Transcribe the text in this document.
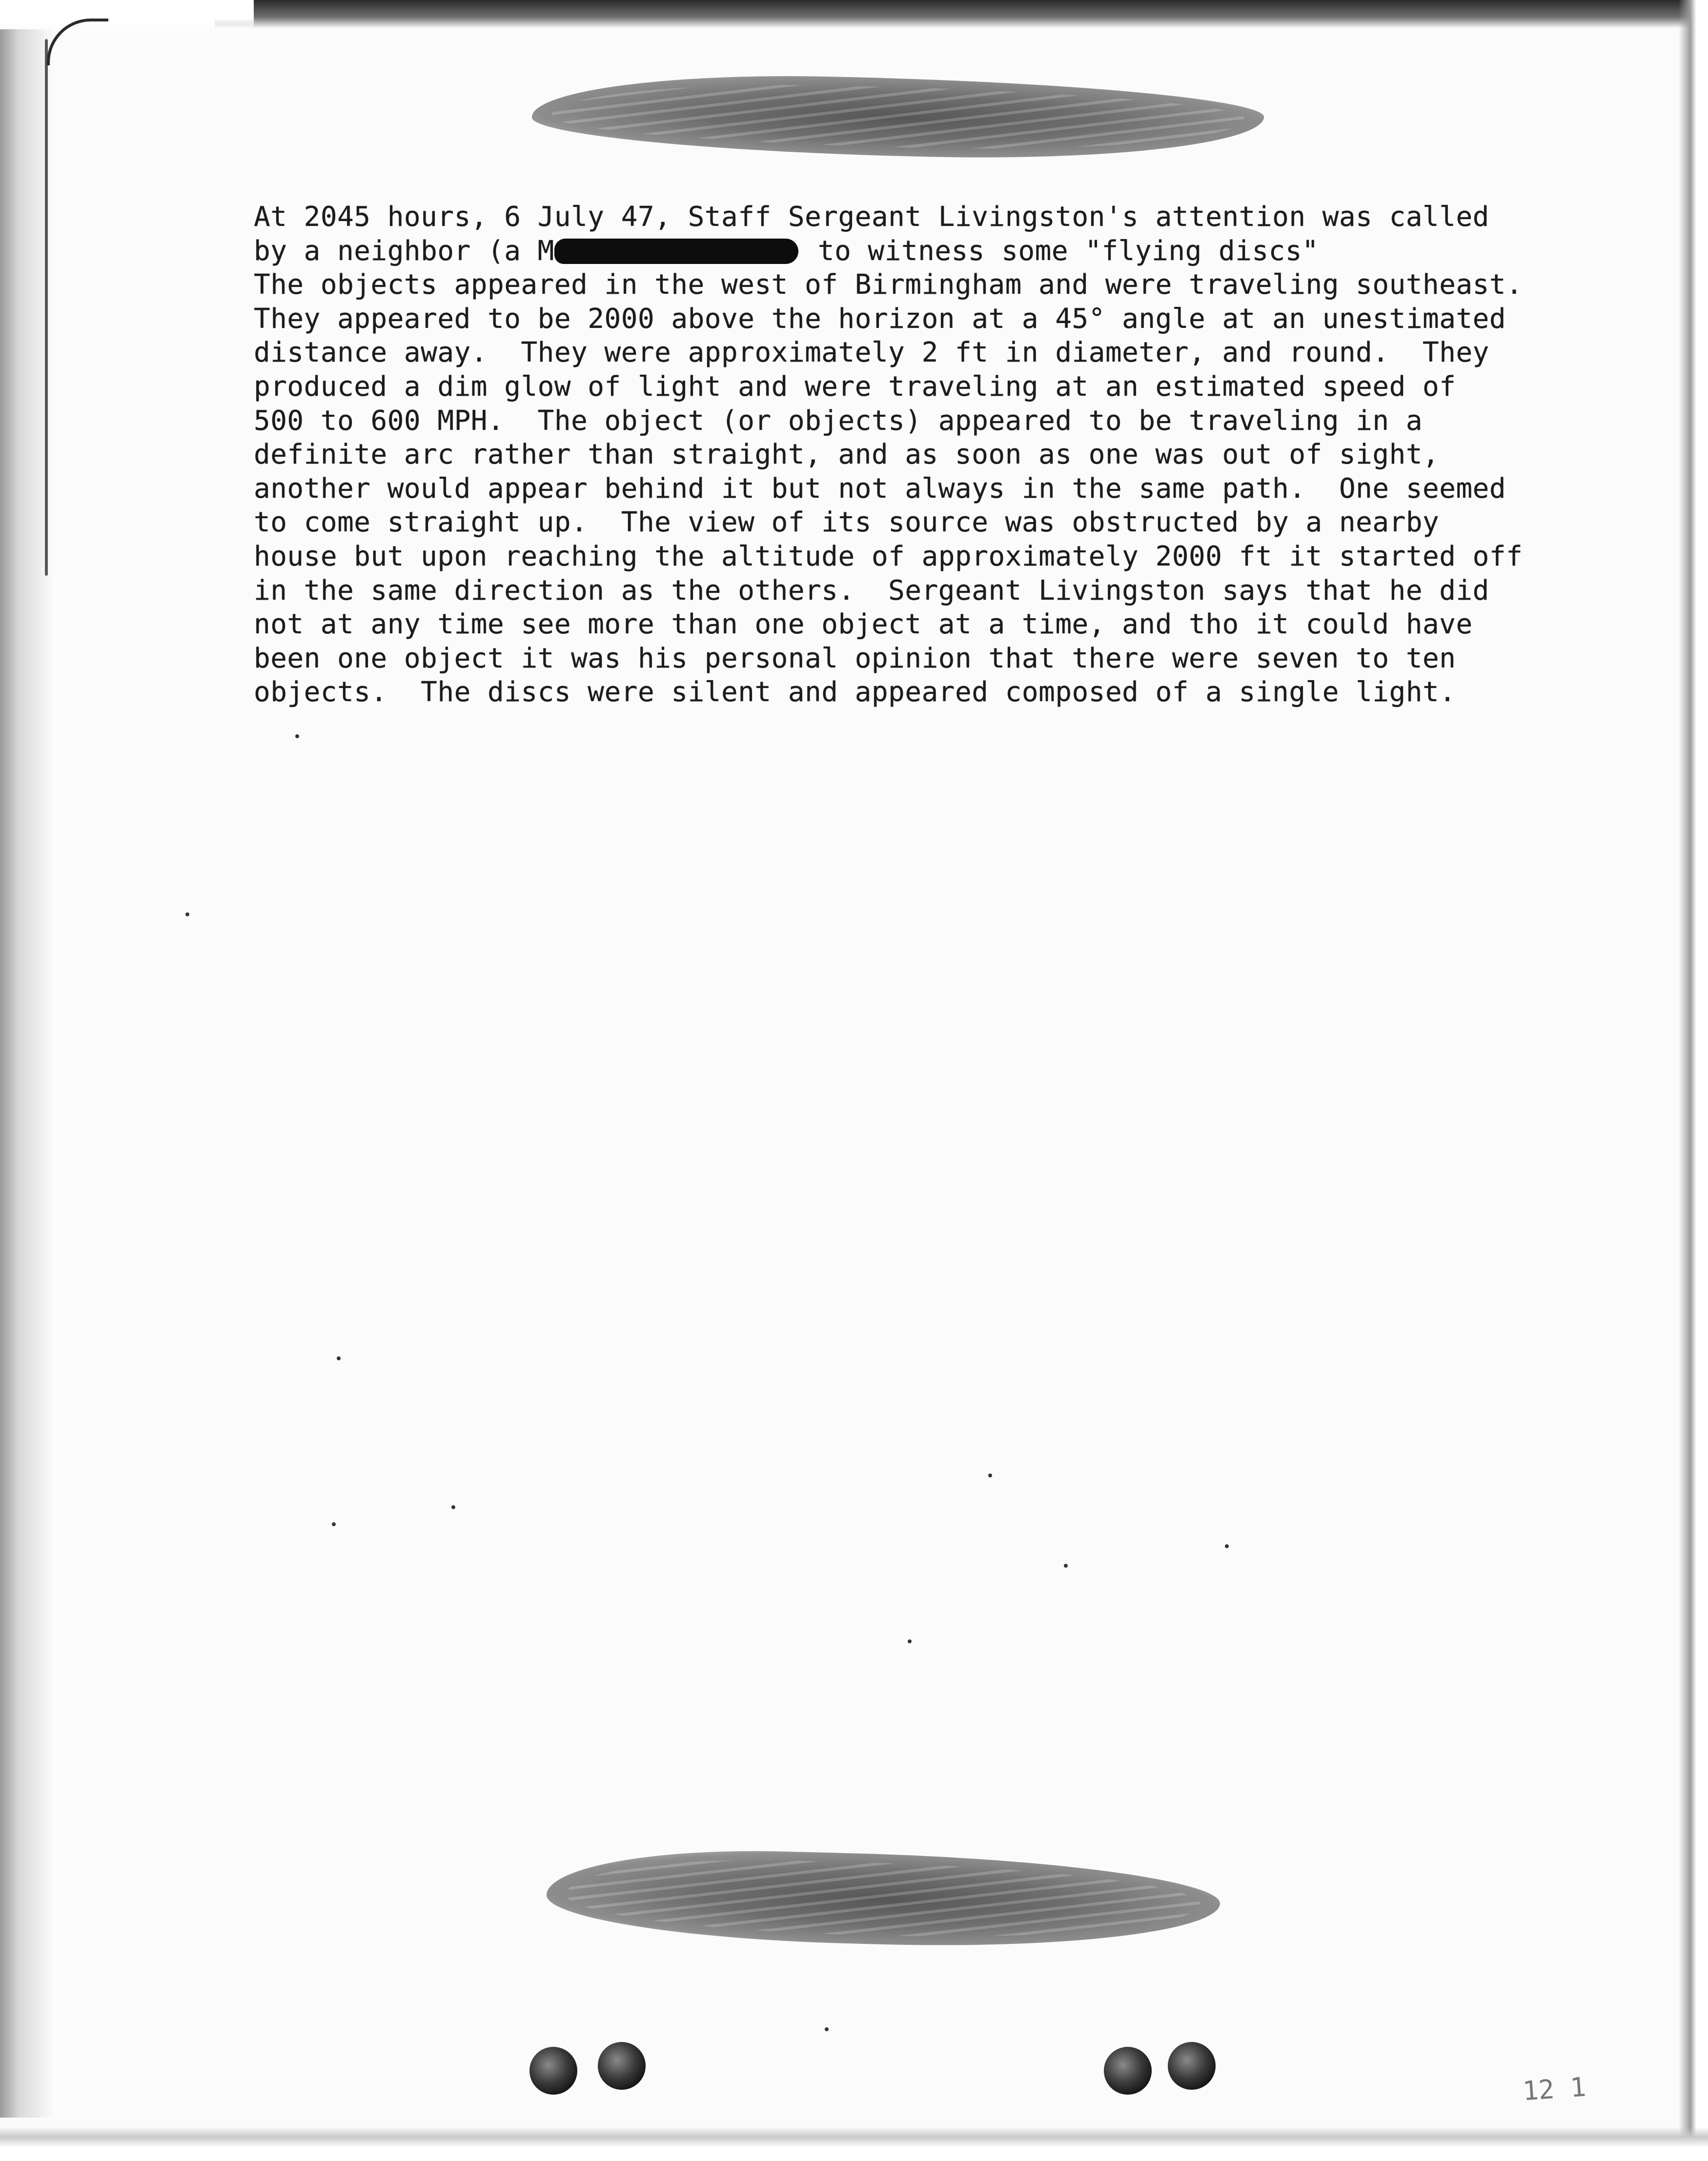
At 2045 hours, 6 July 47, Staff Sergeant Livingston's attention was called
by a neighbor (a M	to witness some "flying discs"
The objects appeared in the west of Birmingham and were traveling southeast.
They appeared to be 2000 above the horizon at a 45° angle at an unestimated
distance away.  They were approximately 2 ft in diameter, and round.  They
produced a dim glow of light and were traveling at an estimated speed of
500 to 600 MPH.  The object (or objects) appeared to be traveling in a
definite arc rather than straight, and as soon as one was out of sight,
another would appear behind it but not always in the same path.  One seemed
to come straight up.  The view of its source was obstructed by a nearby
house but upon reaching the altitude of approximately 2000 ft it started off
in the same direction as the others.  Sergeant Livingston says that he did
not at any time see more than one object at a time, and tho it could have
been one object it was his personal opinion that there were seven to ten
objects.  The discs were silent and appeared composed of a single light.
12 1
